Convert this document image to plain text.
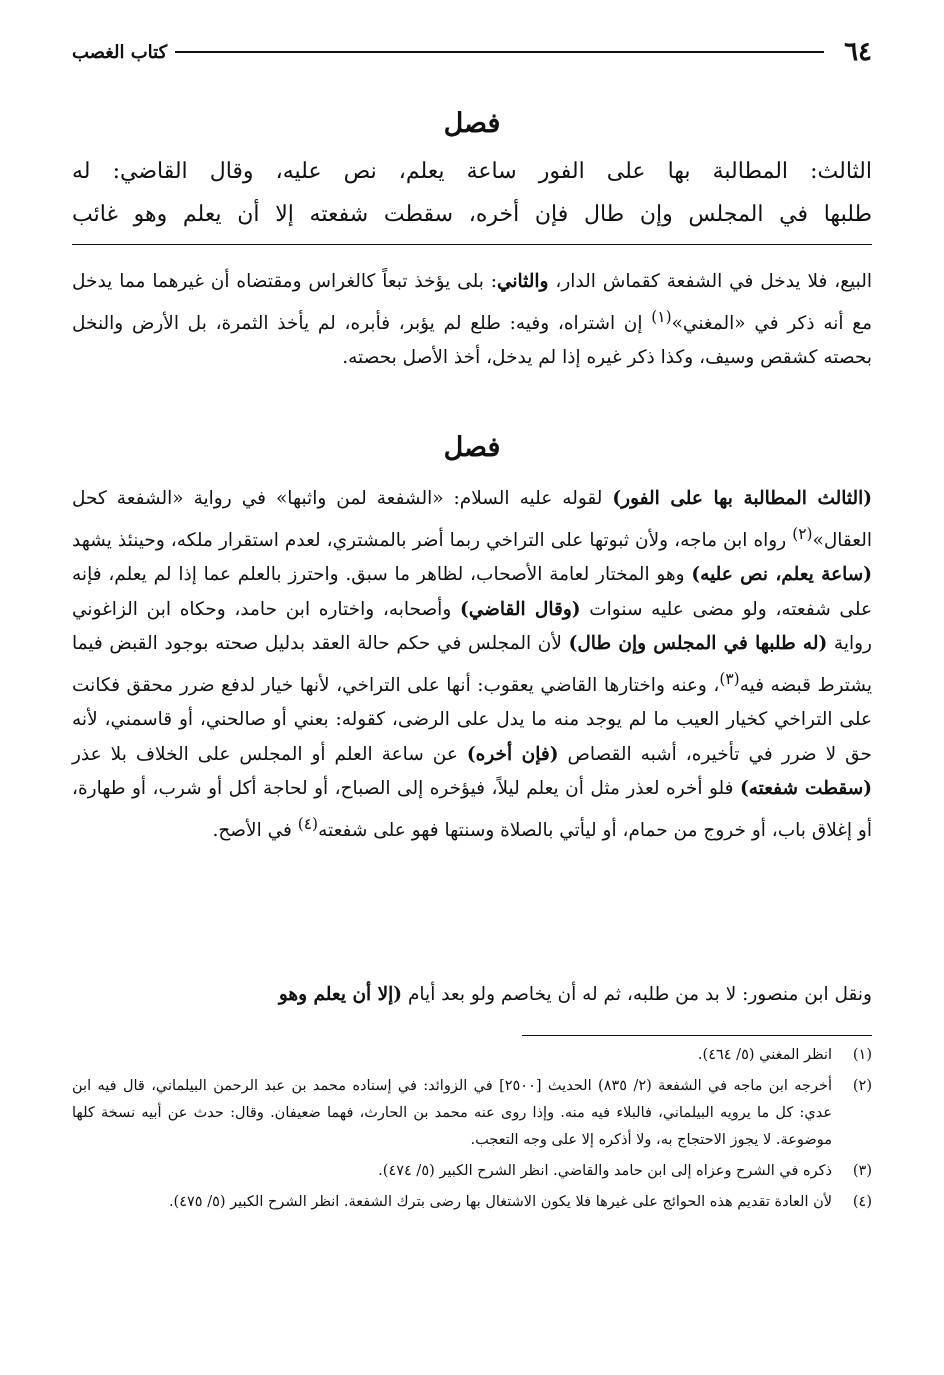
٦٤
كتاب الغصب
فصل
الثالث: المطالبة بها على الفور ساعة يعلم، نص عليه، وقال القاضي: له
طلبها في المجلس وإن طال فإن أخره، سقطت شفعته إلا أن يعلم وهو غائب
البيع، فلا يدخل في الشفعة كقماش الدار، والثاني: بلى يؤخذ تبعاً كالغراس ومقتضاه أن غيرهما مما يدخل مع أنه ذكر في «المغني»$^{(١)}$ إن اشتراه، وفيه: طلع لم يؤبر، فأبره، لم يأخذ الثمرة، بل الأرض والنخل بحصته كشقص وسيف، وكذا ذكر غيره إذا لم يدخل، أخذ الأصل بحصته.
فصل
(الثالث المطالبة بها على الفور) لقوله عليه السلام: «الشفعة لمن واثبها» في رواية «الشفعة كحل العقال»$^{(٢)}$ رواه ابن ماجه، ولأن ثبوتها على التراخي ربما أضر بالمشتري، لعدم استقرار ملكه، وحينئذ يشهد (ساعة يعلم، نص عليه) وهو المختار لعامة الأصحاب، لظاهر ما سبق. واحترز بالعلم عما إذا لم يعلم، فإنه على شفعته، ولو مضى عليه سنوات (وقال القاضي) وأصحابه، واختاره ابن حامد، وحكاه ابن الزاغوني رواية (له طلبها في المجلس وإن طال) لأن المجلس في حكم حالة العقد بدليل صحته بوجود القبض فيما يشترط قبضه فيه$^{(٣)}$، وعنه واختارها القاضي يعقوب: أنها على التراخي، لأنها خيار لدفع ضرر محقق فكانت على التراخي كخيار العيب ما لم يوجد منه ما يدل على الرضى، كقوله: بعني أو صالحني، أو قاسمني، لأنه حق لا ضرر في تأخيره، أشبه القصاص (فإن أخره) عن ساعة العلم أو المجلس على الخلاف بلا عذر (سقطت شفعته) فلو أخره لعذر مثل أن يعلم ليلاً، فيؤخره إلى الصباح، أو لحاجة أكل أو شرب، أو طهارة، أو إغلاق باب، أو خروج من حمام، أو ليأتي بالصلاة وسنتها فهو على شفعته$^{(٤)}$ في الأصح.
ونقل ابن منصور: لا بد من طلبه، ثم له أن يخاصم ولو بعد أيام (إلا أن يعلم وهو
(١)
انظر المغني (٥/ ٤٦٤).
(٢)
أخرجه ابن ماجه في الشفعة (٢/ ٨٣٥) الحديث [٢٥٠٠] في الزوائد: في إسناده محمد بن عبد الرحمن البيلماني، قال فيه ابن عدي: كل ما يرويه البيلماني، فالبلاء فيه منه. وإذا روى عنه محمد بن الحارث، فهما ضعيفان. وقال: حدث عن أبيه نسخة كلها موضوعة. لا يجوز الاحتجاج به، ولا أذكره إلا على وجه التعجب.
(٣)
ذكره في الشرح وعزاه إلى ابن حامد والقاضي. انظر الشرح الكبير (٥/ ٤٧٤).
(٤)
لأن العادة تقديم هذه الحوائج على غيرها فلا يكون الاشتغال بها رضى بترك الشفعة. انظر الشرح الكبير (٥/ ٤٧٥).
